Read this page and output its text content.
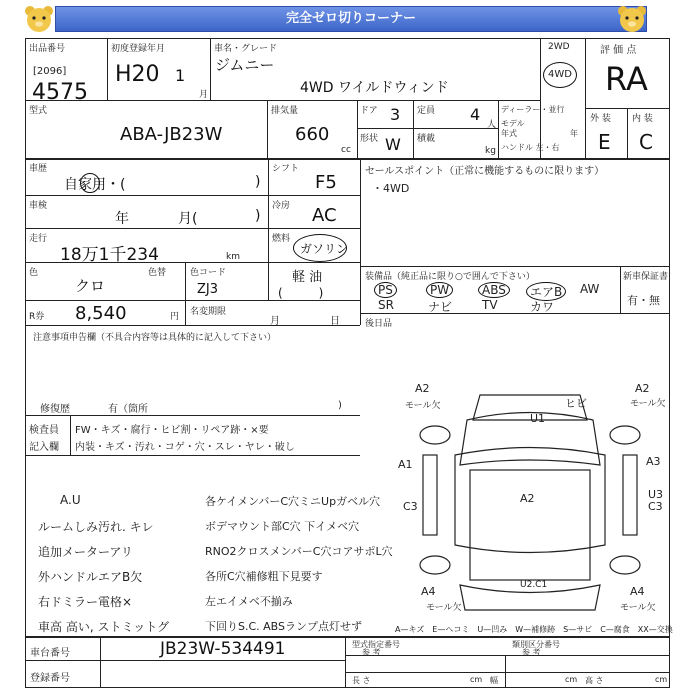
完全ゼロ切りコーナー
出品番号
[2096]
4575
初度登録年月
H20 1
月
車名・グレード
ジムニー
4WD ワイルドウィンド
2WD
4WD
評 価 点
RA
外 装 内 装
E C
型式
ABA-JB23W
排気量
660
cc
ドア 3 定員 4
人
ディーラー・並行
モデル
年式	年
ハンドル 左・右
形状 W 積載
kg
車歴
自家用・(	)
シフト
F5
車検
年	月(	)
冷房 AC
走行
18万1千234	km
燃料
ガソリン
軽 油
(　　　)
色
クロ
色替	色コード
ZJ3
R券 8,540	円 名変期限
月	日
セールスポイント（正常に機能するものに限ります）
・4WD
装備品（純正品に限り○で囲んで下さい）	新車保証書
有・無
PS	PW	ABS	エアB	AW
SR	ナビ TV	カワ
後日品
注意事項申告欄（不具合内容等は具体的に記入して下さい）
修復歴	有（箇所	)
検査員 FW・キズ・腐行・ヒビ割・リペア跡・×要
記入欄 内装・キズ・汚れ・コゲ・穴・スレ・ヤレ・破し
A.U
ルームしみ汚れ. キレ
追加メーターアリ
外ハンドルエアB欠
右ドミラー電格×
車高 高い, ストミットグ
各ケイメンバーC穴ミニUpガベル穴
ボデマウント部C穴 下イメベ穴
RNO2クロスメンバーC穴コアサポL穴
各所C穴補修粗下見要す
左エイメベ不揃み
下回りS.C. ABSランプ点灯せず
A2
モール欠
U1
ヒビ
A2
モール欠
A1	A3
C3
A2	U3
C3
A4
モール欠
U2.C1	A4
モール欠
A—キズ　E—ヘコミ　U—凹み　W—補修跡　S—サビ　C—腐食　XX—交換
車台番号	JB23W-534491
登録番号
型式指定番号
参 考
類別区分番号
参 考
長 さ	cm 幅	cm 高 さ	cm
